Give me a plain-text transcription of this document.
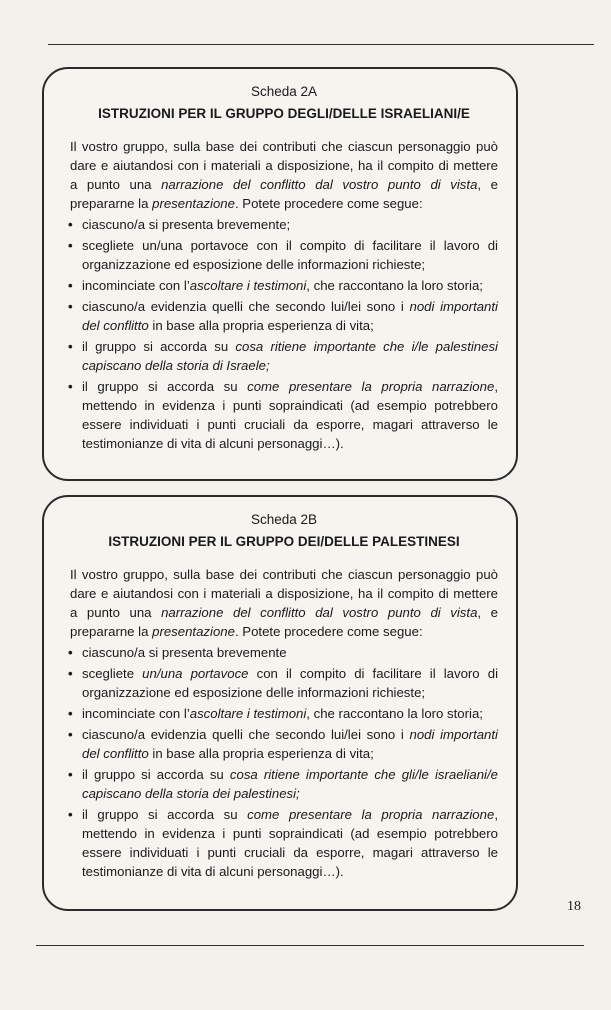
Scheda 2A

ISTRUZIONI PER IL GRUPPO DEGLI/DELLE ISRAELIANI/E

Il vostro gruppo, sulla base dei contributi che ciascun personaggio può dare e aiutandosi con i materiali a disposizione, ha il compito di mettere a punto una narrazione del conflitto dal vostro punto di vista, e prepararne la presentazione. Potete procedere come segue:

• ciascuno/a si presenta brevemente;
• scegliete un/una portavoce con il compito di facilitare il lavoro di organizzazione ed esposizione delle informazioni richieste;
• incominciate con l’ascoltare i testimoni, che raccontano la loro storia;
• ciascuno/a evidenzia quelli che secondo lui/lei sono i nodi importanti del conflitto in base alla propria esperienza di vita;
• il gruppo si accorda su cosa ritiene importante che i/le palestinesi capiscano della storia di Israele;
• il gruppo si accorda su come presentare la propria narrazione, mettendo in evidenza i punti sopraindicati (ad esempio potrebbero essere individuati i punti cruciali da esporre, magari attraverso le testimonianze di vita di alcuni personaggi…).

Scheda 2B

ISTRUZIONI PER IL GRUPPO DEI/DELLE PALESTINESI

Il vostro gruppo, sulla base dei contributi che ciascun personaggio può dare e aiutandosi con i materiali a disposizione, ha il compito di mettere a punto una narrazione del conflitto dal vostro punto di vista, e prepararne la presentazione. Potete procedere come segue:

• ciascuno/a si presenta brevemente
• scegliete un/una portavoce con il compito di facilitare il lavoro di organizzazione ed esposizione delle informazioni richieste;
• incominciate con l’ascoltare i testimoni, che raccontano la loro storia;
• ciascuno/a evidenzia quelli che secondo lui/lei sono i nodi importanti del conflitto in base alla propria esperienza di vita;
• il gruppo si accorda su cosa ritiene importante che gli/le israeliani/e capiscano della storia dei palestinesi;
• il gruppo si accorda su come presentare la propria narrazione, mettendo in evidenza i punti sopraindicati (ad esempio potrebbero essere individuati i punti cruciali da esporre, magari attraverso le testimonianze di vita di alcuni personaggi…).
18
